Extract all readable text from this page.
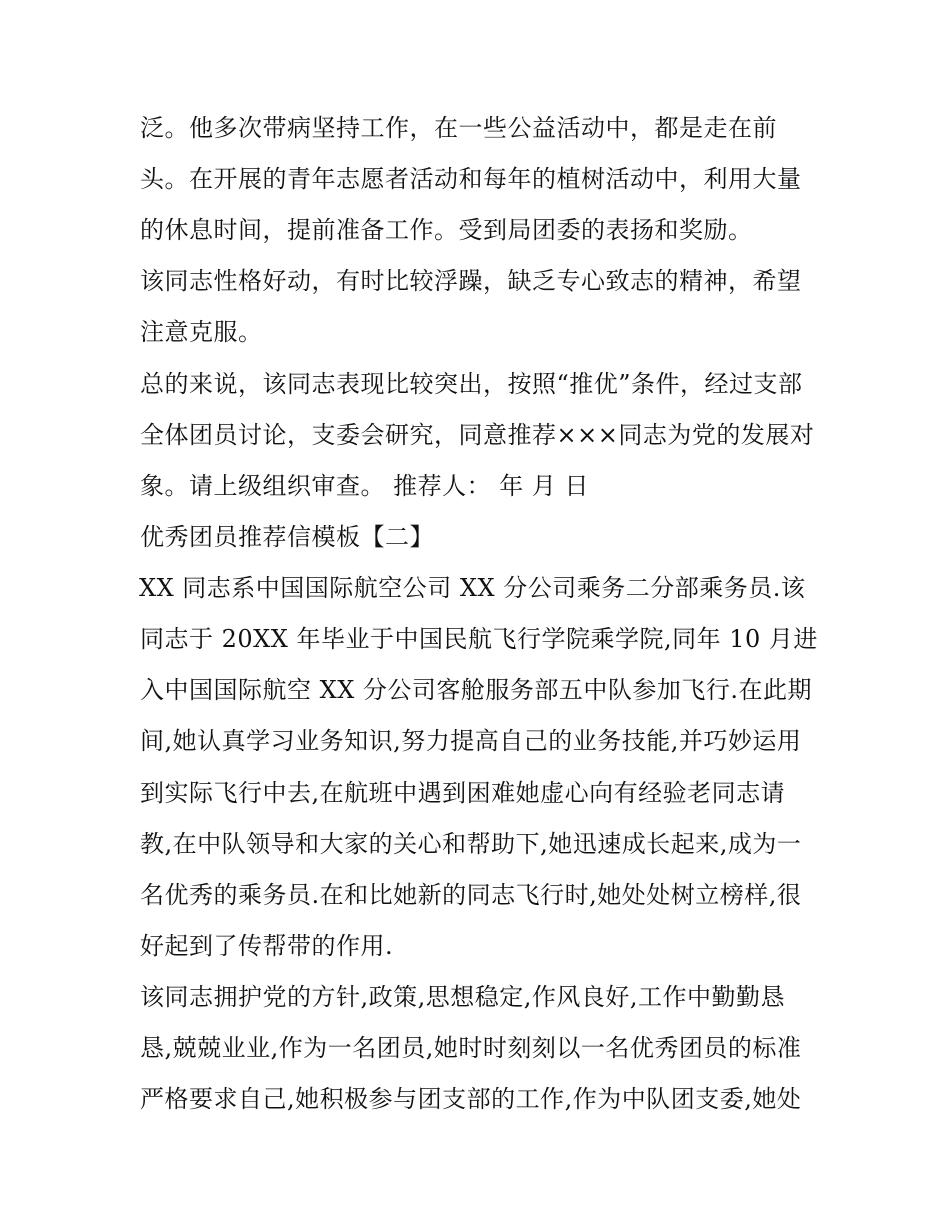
泛。他多次带病坚持工作，在一些公益活动中，都是走在前
头。在开展的青年志愿者活动和每年的植树活动中，利用大量
的休息时间，提前准备工作。受到局团委的表扬和奖励。
该同志性格好动，有时比较浮躁，缺乏专心致志的精神，希望
注意克服。
总的来说，该同志表现比较突出，按照“推优”条件，经过支部
全体团员讨论，支委会研究，同意推荐×××同志为党的发展对
象。请上级组织审查。 推荐人： 年 月 日
优秀团员推荐信模板【二】
XX 同志系中国国际航空公司 XX 分公司乘务二分部乘务员.该
同志于 20XX 年毕业于中国民航飞行学院乘学院,同年 10 月进
入中国国际航空 XX 分公司客舱服务部五中队参加飞行.在此期
间,她认真学习业务知识,努力提高自己的业务技能,并巧妙运用
到实际飞行中去,在航班中遇到困难她虚心向有经验老同志请
教,在中队领导和大家的关心和帮助下,她迅速成长起来,成为一
名优秀的乘务员.在和比她新的同志飞行时,她处处树立榜样,很
好起到了传帮带的作用.
该同志拥护党的方针,政策,思想稳定,作风良好,工作中勤勤恳
恳,兢兢业业,作为一名团员,她时时刻刻以一名优秀团员的标准
严格要求自己,她积极参与团支部的工作,作为中队团支委,她处
